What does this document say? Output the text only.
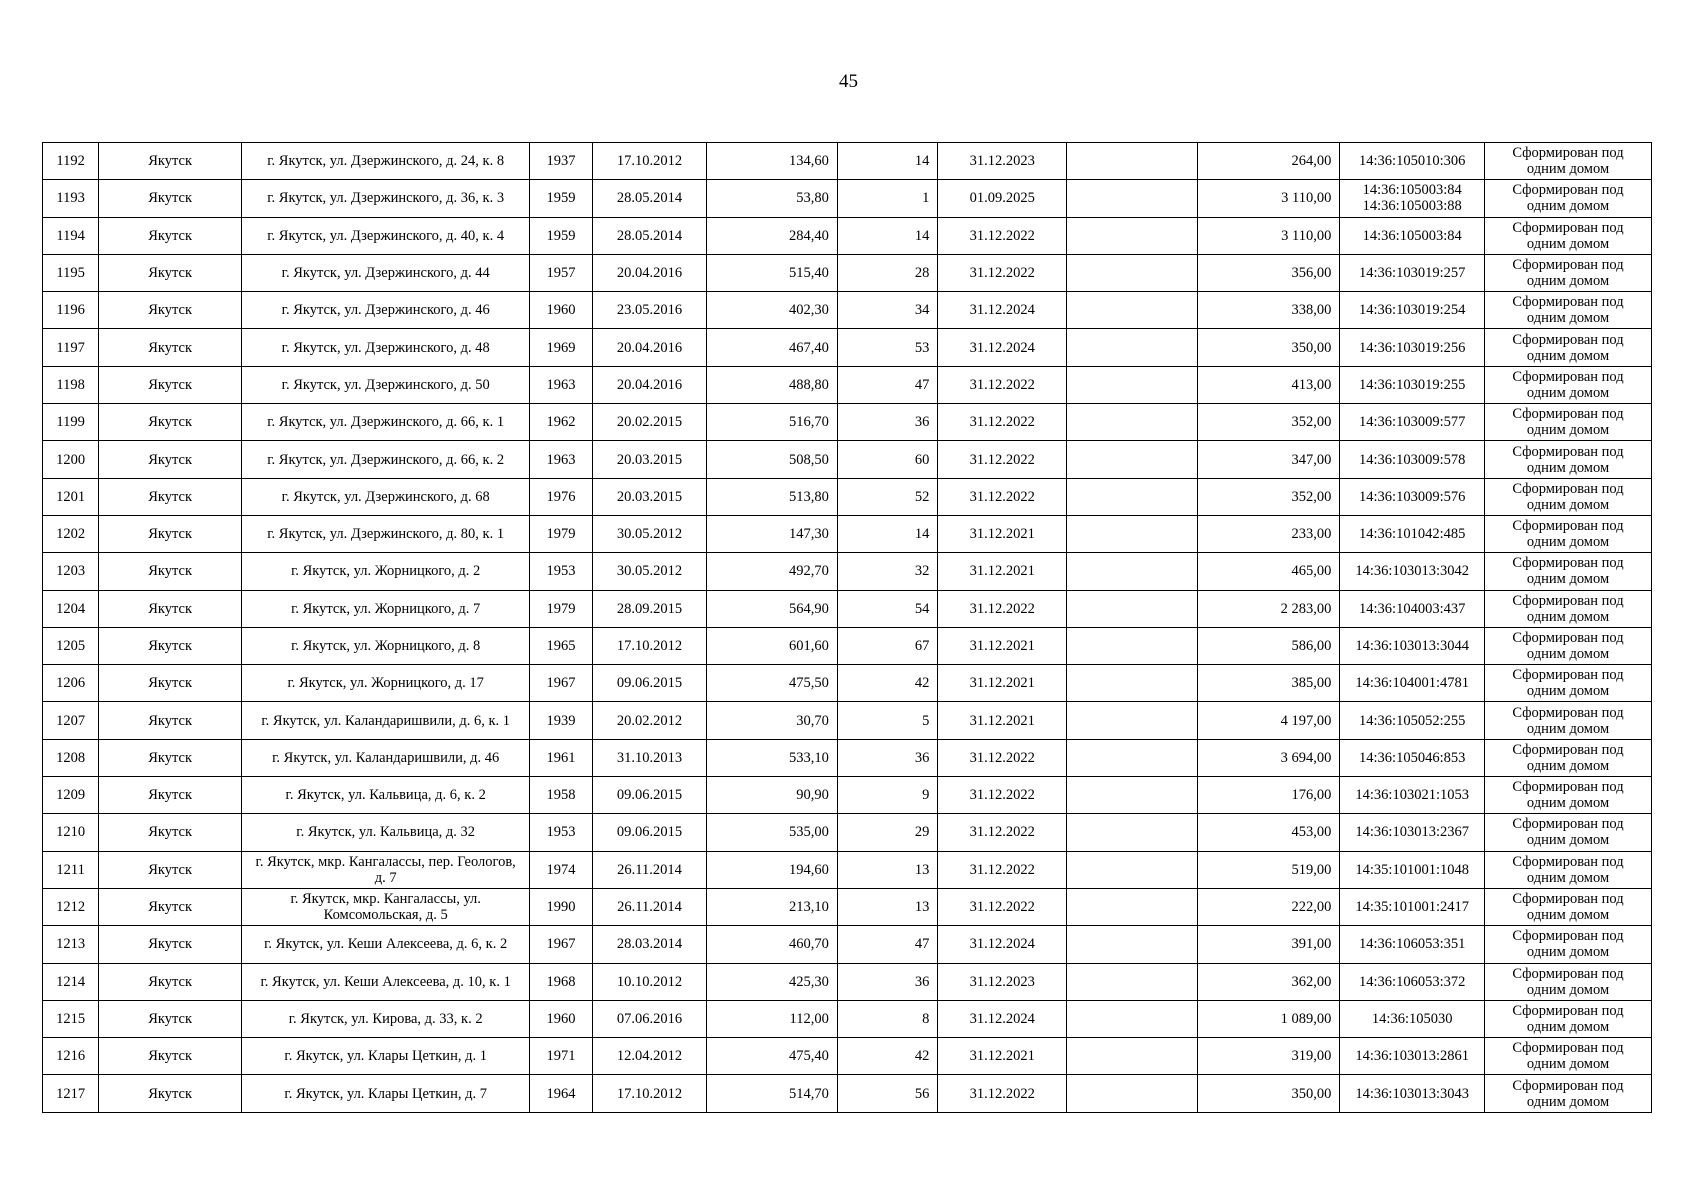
45
1192	Якутск	г. Якутск, ул. Дзержинского, д. 24, к. 8	1937	17.10.2012	134,60	14	31.12.2023		264,00	14:36:105010:306	Сформирован под одним домом
1193	Якутск	г. Якутск, ул. Дзержинского, д. 36, к. 3	1959	28.05.2014	53,80	1	01.09.2025		3 110,00	14:36:105003:84 14:36:105003:88	Сформирован под одним домом
1194	Якутск	г. Якутск, ул. Дзержинского, д. 40, к. 4	1959	28.05.2014	284,40	14	31.12.2022		3 110,00	14:36:105003:84	Сформирован под одним домом
1195	Якутск	г. Якутск, ул. Дзержинского, д. 44	1957	20.04.2016	515,40	28	31.12.2022		356,00	14:36:103019:257	Сформирован под одним домом
1196	Якутск	г. Якутск, ул. Дзержинского, д. 46	1960	23.05.2016	402,30	34	31.12.2024		338,00	14:36:103019:254	Сформирован под одним домом
1197	Якутск	г. Якутск, ул. Дзержинского, д. 48	1969	20.04.2016	467,40	53	31.12.2024		350,00	14:36:103019:256	Сформирован под одним домом
1198	Якутск	г. Якутск, ул. Дзержинского, д. 50	1963	20.04.2016	488,80	47	31.12.2022		413,00	14:36:103019:255	Сформирован под одним домом
1199	Якутск	г. Якутск, ул. Дзержинского, д. 66, к. 1	1962	20.02.2015	516,70	36	31.12.2022		352,00	14:36:103009:577	Сформирован под одним домом
1200	Якутск	г. Якутск, ул. Дзержинского, д. 66, к. 2	1963	20.03.2015	508,50	60	31.12.2022		347,00	14:36:103009:578	Сформирован под одним домом
1201	Якутск	г. Якутск, ул. Дзержинского, д. 68	1976	20.03.2015	513,80	52	31.12.2022		352,00	14:36:103009:576	Сформирован под одним домом
1202	Якутск	г. Якутск, ул. Дзержинского, д. 80, к. 1	1979	30.05.2012	147,30	14	31.12.2021		233,00	14:36:101042:485	Сформирован под одним домом
1203	Якутск	г. Якутск, ул. Жорницкого, д. 2	1953	30.05.2012	492,70	32	31.12.2021		465,00	14:36:103013:3042	Сформирован под одним домом
1204	Якутск	г. Якутск, ул. Жорницкого, д. 7	1979	28.09.2015	564,90	54	31.12.2022		2 283,00	14:36:104003:437	Сформирован под одним домом
1205	Якутск	г. Якутск, ул. Жорницкого, д. 8	1965	17.10.2012	601,60	67	31.12.2021		586,00	14:36:103013:3044	Сформирован под одним домом
1206	Якутск	г. Якутск, ул. Жорницкого, д. 17	1967	09.06.2015	475,50	42	31.12.2021		385,00	14:36:104001:4781	Сформирован под одним домом
1207	Якутск	г. Якутск, ул. Каландаришвили, д. 6, к. 1	1939	20.02.2012	30,70	5	31.12.2021		4 197,00	14:36:105052:255	Сформирован под одним домом
1208	Якутск	г. Якутск, ул. Каландаришвили, д. 46	1961	31.10.2013	533,10	36	31.12.2022		3 694,00	14:36:105046:853	Сформирован под одним домом
1209	Якутск	г. Якутск, ул. Кальвица, д. 6, к. 2	1958	09.06.2015	90,90	9	31.12.2022		176,00	14:36:103021:1053	Сформирован под одним домом
1210	Якутск	г. Якутск, ул. Кальвица, д. 32	1953	09.06.2015	535,00	29	31.12.2022		453,00	14:36:103013:2367	Сформирован под одним домом
1211	Якутск	г. Якутск, мкр. Кангалассы, пер. Геологов, д. 7	1974	26.11.2014	194,60	13	31.12.2022		519,00	14:35:101001:1048	Сформирован под одним домом
1212	Якутск	г. Якутск, мкр. Кангалассы, ул. Комсомольская, д. 5	1990	26.11.2014	213,10	13	31.12.2022		222,00	14:35:101001:2417	Сформирован под одним домом
1213	Якутск	г. Якутск, ул. Кеши Алексеева, д. 6, к. 2	1967	28.03.2014	460,70	47	31.12.2024		391,00	14:36:106053:351	Сформирован под одним домом
1214	Якутск	г. Якутск, ул. Кеши Алексеева, д. 10, к. 1	1968	10.10.2012	425,30	36	31.12.2023		362,00	14:36:106053:372	Сформирован под одним домом
1215	Якутск	г. Якутск, ул. Кирова, д. 33, к. 2	1960	07.06.2016	112,00	8	31.12.2024		1 089,00	14:36:105030	Сформирован под одним домом
1216	Якутск	г. Якутск, ул. Клары Цеткин, д. 1	1971	12.04.2012	475,40	42	31.12.2021		319,00	14:36:103013:2861	Сформирован под одним домом
1217	Якутск	г. Якутск, ул. Клары Цеткин, д. 7	1964	17.10.2012	514,70	56	31.12.2022		350,00	14:36:103013:3043	Сформирован под одним домом
